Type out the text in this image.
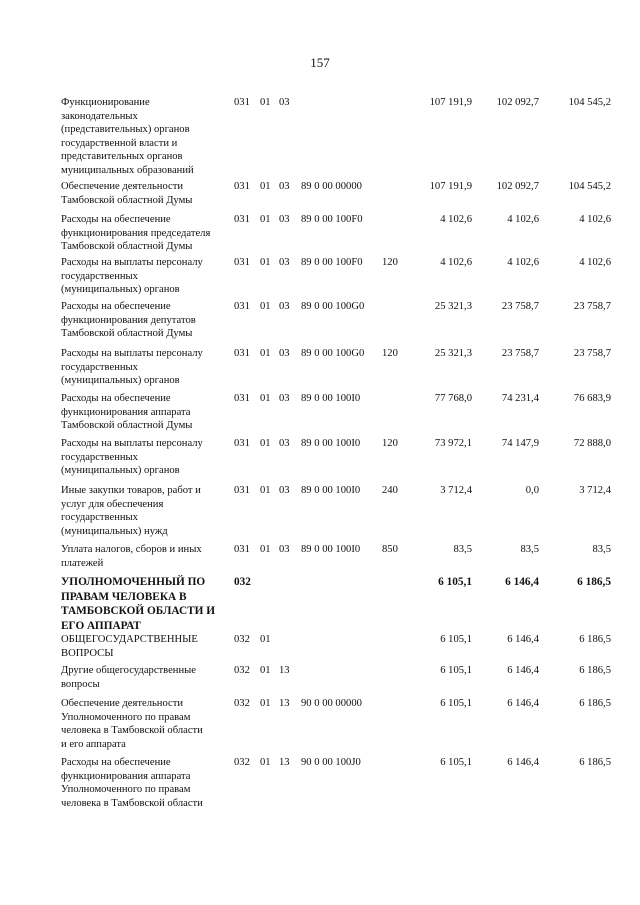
157
Функционирование
законодательных
(представительных) органов
государственной власти и
представительных органов
муниципальных образований
031 01 03	107 191,9	102 092,7	104 545,2
Обеспечение деятельности
Тамбовской областной Думы
031 01 03	89 0 00 00000	107 191,9	102 092,7	104 545,2
Расходы на обеспечение
функционирования председателя
Тамбовской областной Думы
031 01 03	89 0 00 100F0	4 102,6	4 102,6	4 102,6
Расходы на выплаты персоналу
государственных
(муниципальных) органов
031 01 03	89 0 00 100F0	120	4 102,6	4 102,6	4 102,6
Расходы на обеспечение
функционирования депутатов
Тамбовской областной Думы
031 01 03	89 0 00 100G0	25 321,3	23 758,7	23 758,7
Расходы на выплаты персоналу
государственных
(муниципальных) органов
031 01 03	89 0 00 100G0	120	25 321,3	23 758,7	23 758,7
Расходы на обеспечение
функционирования аппарата
Тамбовской областной Думы
031 01 03	89 0 00 100I0	77 768,0	74 231,4	76 683,9
Расходы на выплаты персоналу
государственных
(муниципальных) органов
031 01 03	89 0 00 100I0	120	73 972,1	74 147,9	72 888,0
Иные закупки товаров, работ и
услуг для обеспечения
государственных
(муниципальных) нужд
031 01 03	89 0 00 100I0	240	3 712,4	0,0	3 712,4
Уплата налогов, сборов и иных
платежей
031 01 03	89 0 00 100I0	850	83,5	83,5	83,5
УПОЛНОМОЧЕННЫЙ ПО
ПРАВАМ ЧЕЛОВЕКА В
ТАМБОВСКОЙ ОБЛАСТИ И
ЕГО АППАРАТ
032	6 105,1	6 146,4	6 186,5
ОБЩЕГОСУДАРСТВЕННЫЕ
ВОПРОСЫ
032 01	6 105,1	6 146,4	6 186,5
Другие общегосударственные
вопросы
032 01 13	6 105,1	6 146,4	6 186,5
Обеспечение деятельности
Уполномоченного по правам
человека в Тамбовской области
и его аппарата
032 01 13	90 0 00 00000	6 105,1	6 146,4	6 186,5
Расходы на обеспечение
функционирования аппарата
Уполномоченного по правам
человека в Тамбовской области
032 01 13	90 0 00 100J0	6 105,1	6 146,4	6 186,5
